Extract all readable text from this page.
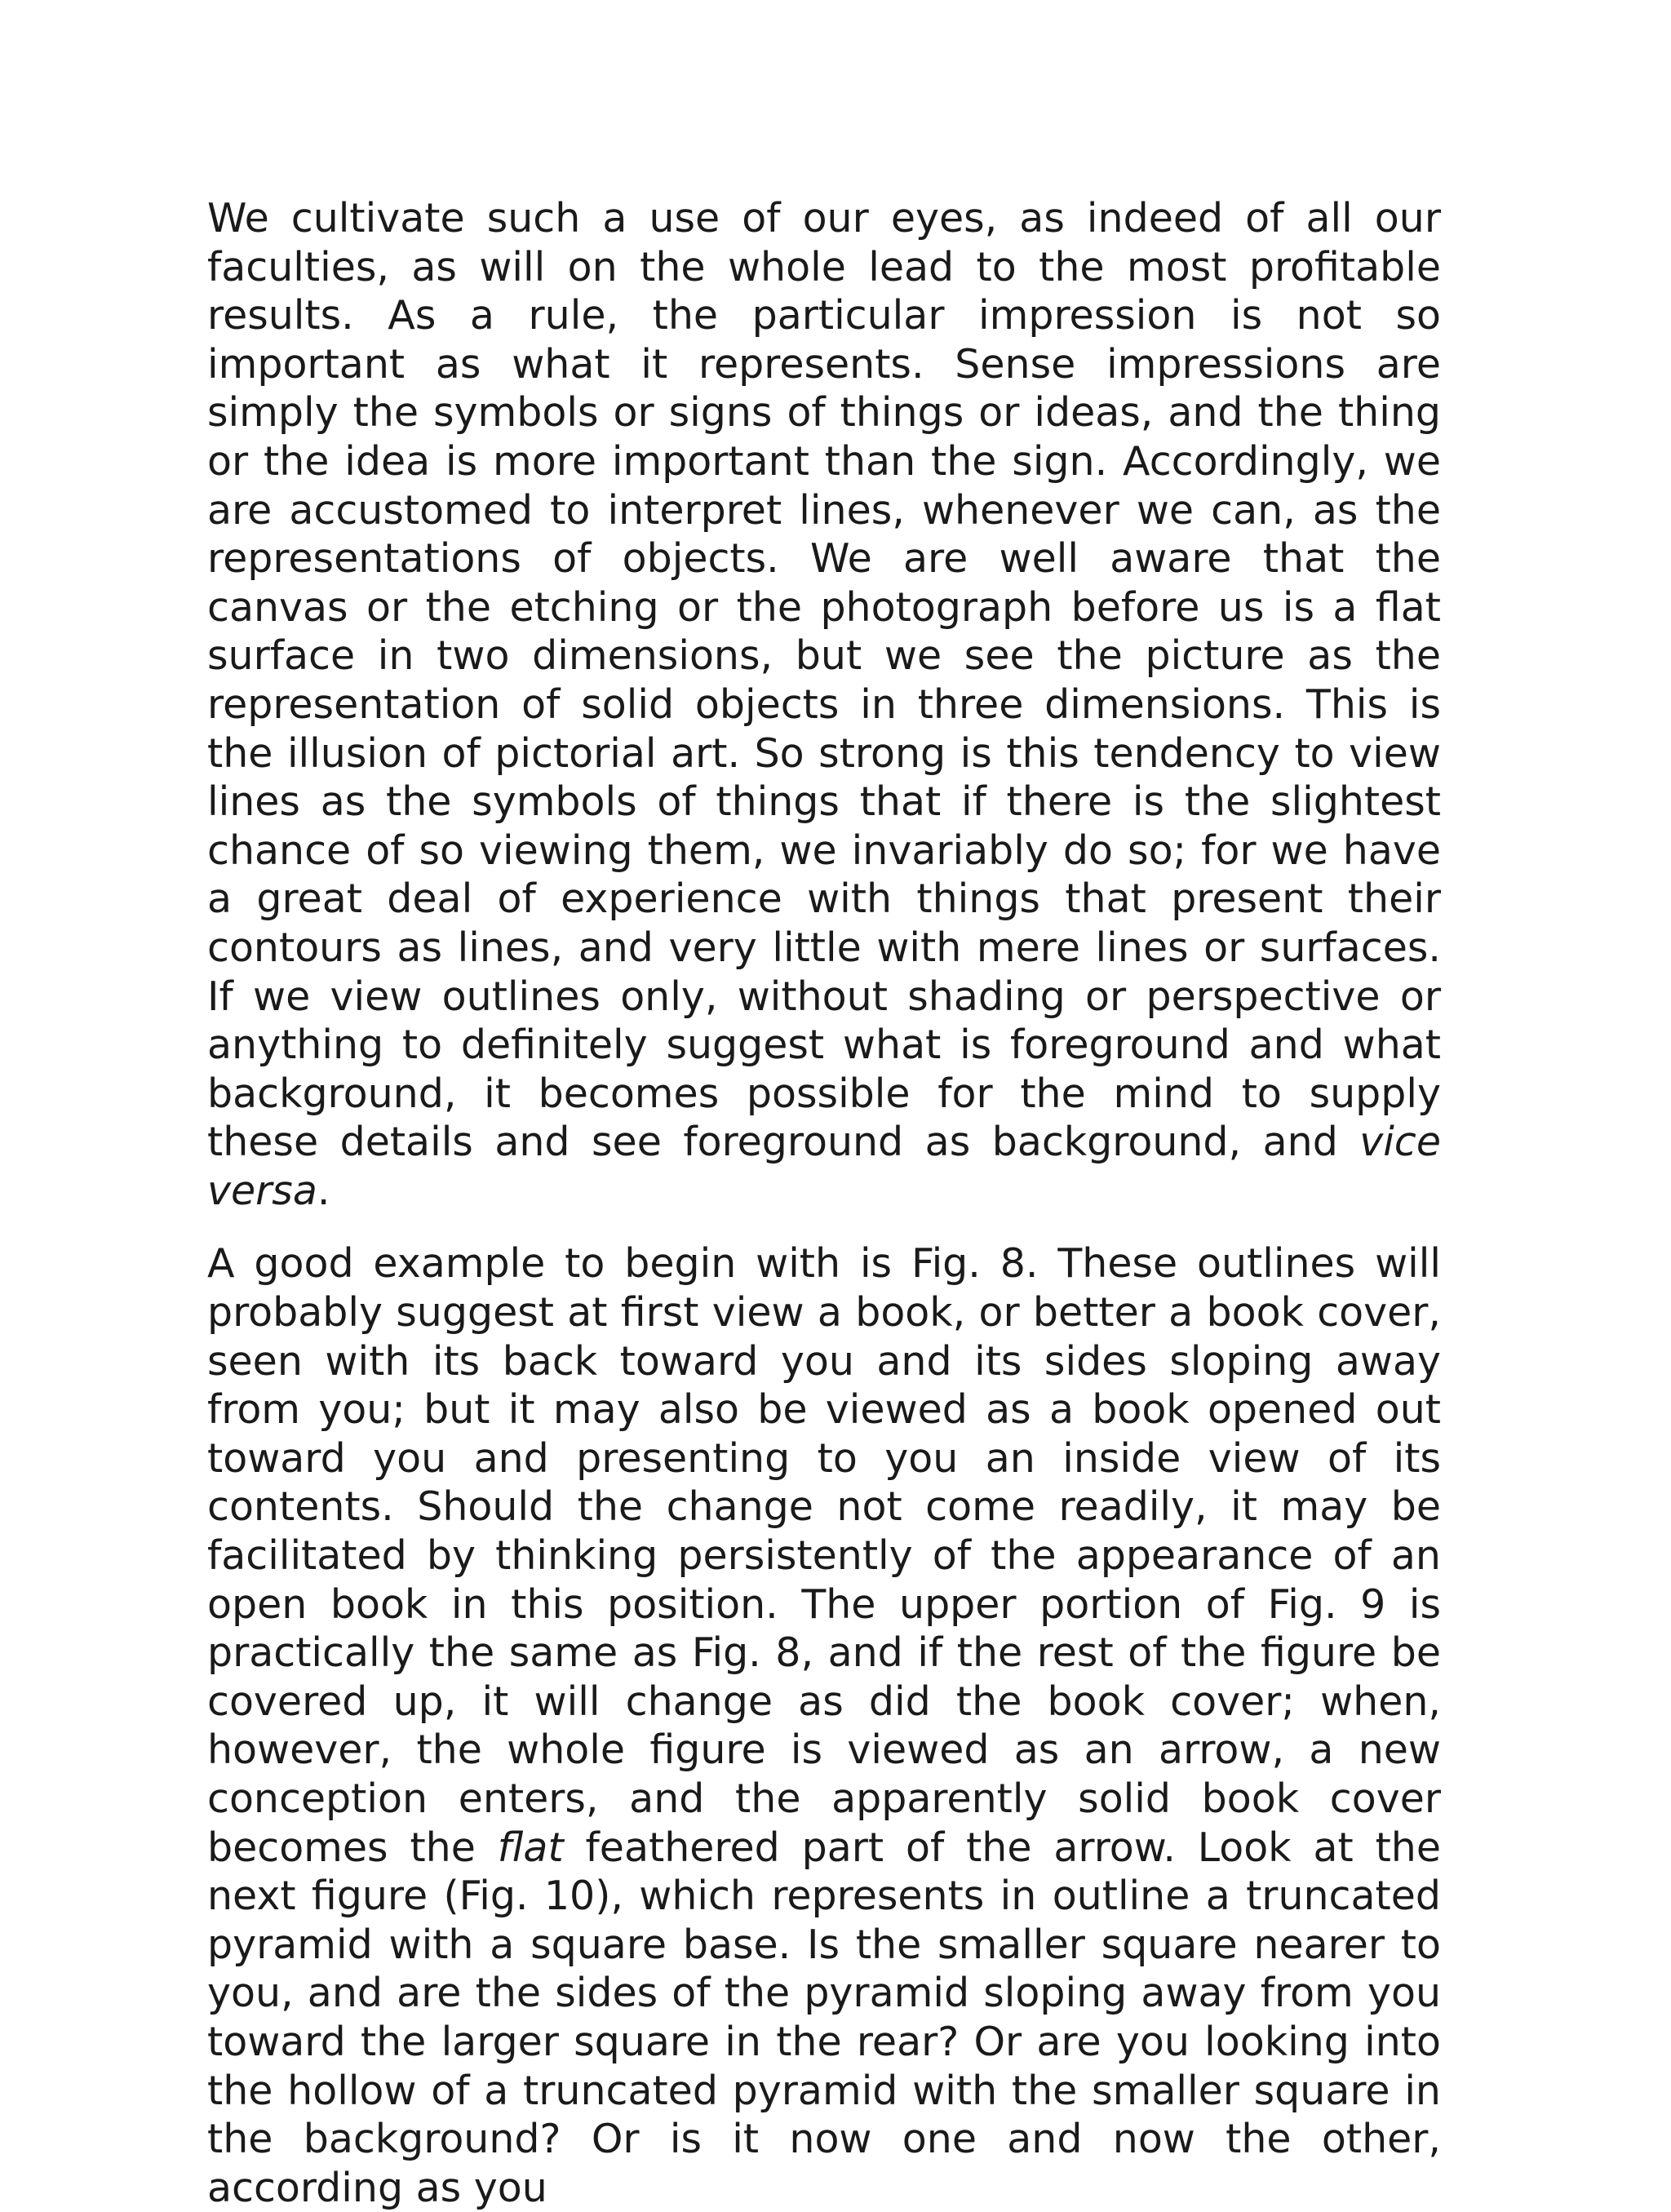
We cultivate such a use of our eyes, as indeed of all our faculties, as will on the whole lead to the most profitable results. As a rule, the particular impression is not so important as what it represents. Sense impressions are simply the symbols or signs of things or ideas, and the thing or the idea is more important than the sign. Accordingly, we are accustomed to interpret lines, whenever we can, as the representations of objects. We are well aware that the canvas or the etching or the photograph before us is a flat surface in two dimensions, but we see the picture as the representation of solid objects in three dimensions. This is the illusion of pictorial art. So strong is this tendency to view lines as the symbols of things that if there is the slightest chance of so viewing them, we invariably do so; for we have a great deal of experience with things that present their contours as lines, and very little with mere lines or surfaces. If we view outlines only, without shading or perspective or anything to definitely suggest what is foreground and what background, it becomes possible for the mind to supply these details and see foreground as background, and vice versa.

A good example to begin with is Fig. 8. These outlines will probably suggest at first view a book, or better a book cover, seen with its back toward you and its sides sloping away from you; but it may also be viewed as a book opened out toward you and presenting to you an inside view of its contents. Should the change not come readily, it may be facilitated by thinking persistently of the appearance of an open book in this position. The upper portion of Fig. 9 is practically the same as Fig. 8, and if the rest of the figure be covered up, it will change as did the book cover; when, however, the whole figure is viewed as an arrow, a new conception enters, and the apparently solid book cover becomes the flat feathered part of the arrow. Look at the next figure (Fig. 10), which represents in outline a truncated pyramid with a square base. Is the smaller square nearer to you, and are the sides of the pyramid sloping away from you toward the larger square in the rear? Or are you looking into the hollow of a truncated pyramid with the smaller square in the background? Or is it now one and now the other, according as you
